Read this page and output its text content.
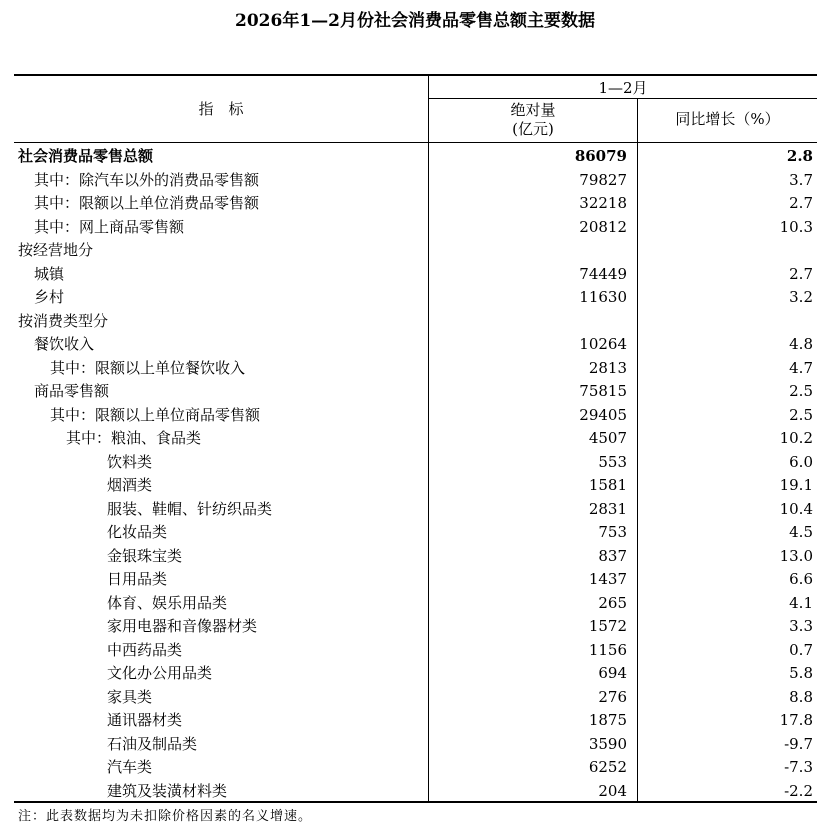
2026年1—2月份社会消费品零售总额主要数据
指　标
1—2月
绝对量
(亿元)
同比增长（%）
社会消费品零售总额	86079	2.8
其中：除汽车以外的消费品零售额	79827	3.7
其中：限额以上单位消费品零售额	32218	2.7
其中：网上商品零售额	20812	10.3
按经营地分
城镇	74449	2.7
乡村	11630	3.2
按消费类型分
餐饮收入	10264	4.8
其中：限额以上单位餐饮收入	2813	4.7
商品零售额	75815	2.5
其中：限额以上单位商品零售额	29405	2.5
其中：粮油、食品类	4507	10.2
饮料类	553	6.0
烟酒类	1581	19.1
服装、鞋帽、针纺织品类	2831	10.4
化妆品类	753	4.5
金银珠宝类	837	13.0
日用品类	1437	6.6
体育、娱乐用品类	265	4.1
家用电器和音像器材类	1572	3.3
中西药品类	1156	0.7
文化办公用品类	694	5.8
家具类	276	8.8
通讯器材类	1875	17.8
石油及制品类	3590	-9.7
汽车类	6252	-7.3
建筑及装潢材料类	204	-2.2
注：此表数据均为未扣除价格因素的名义增速。
